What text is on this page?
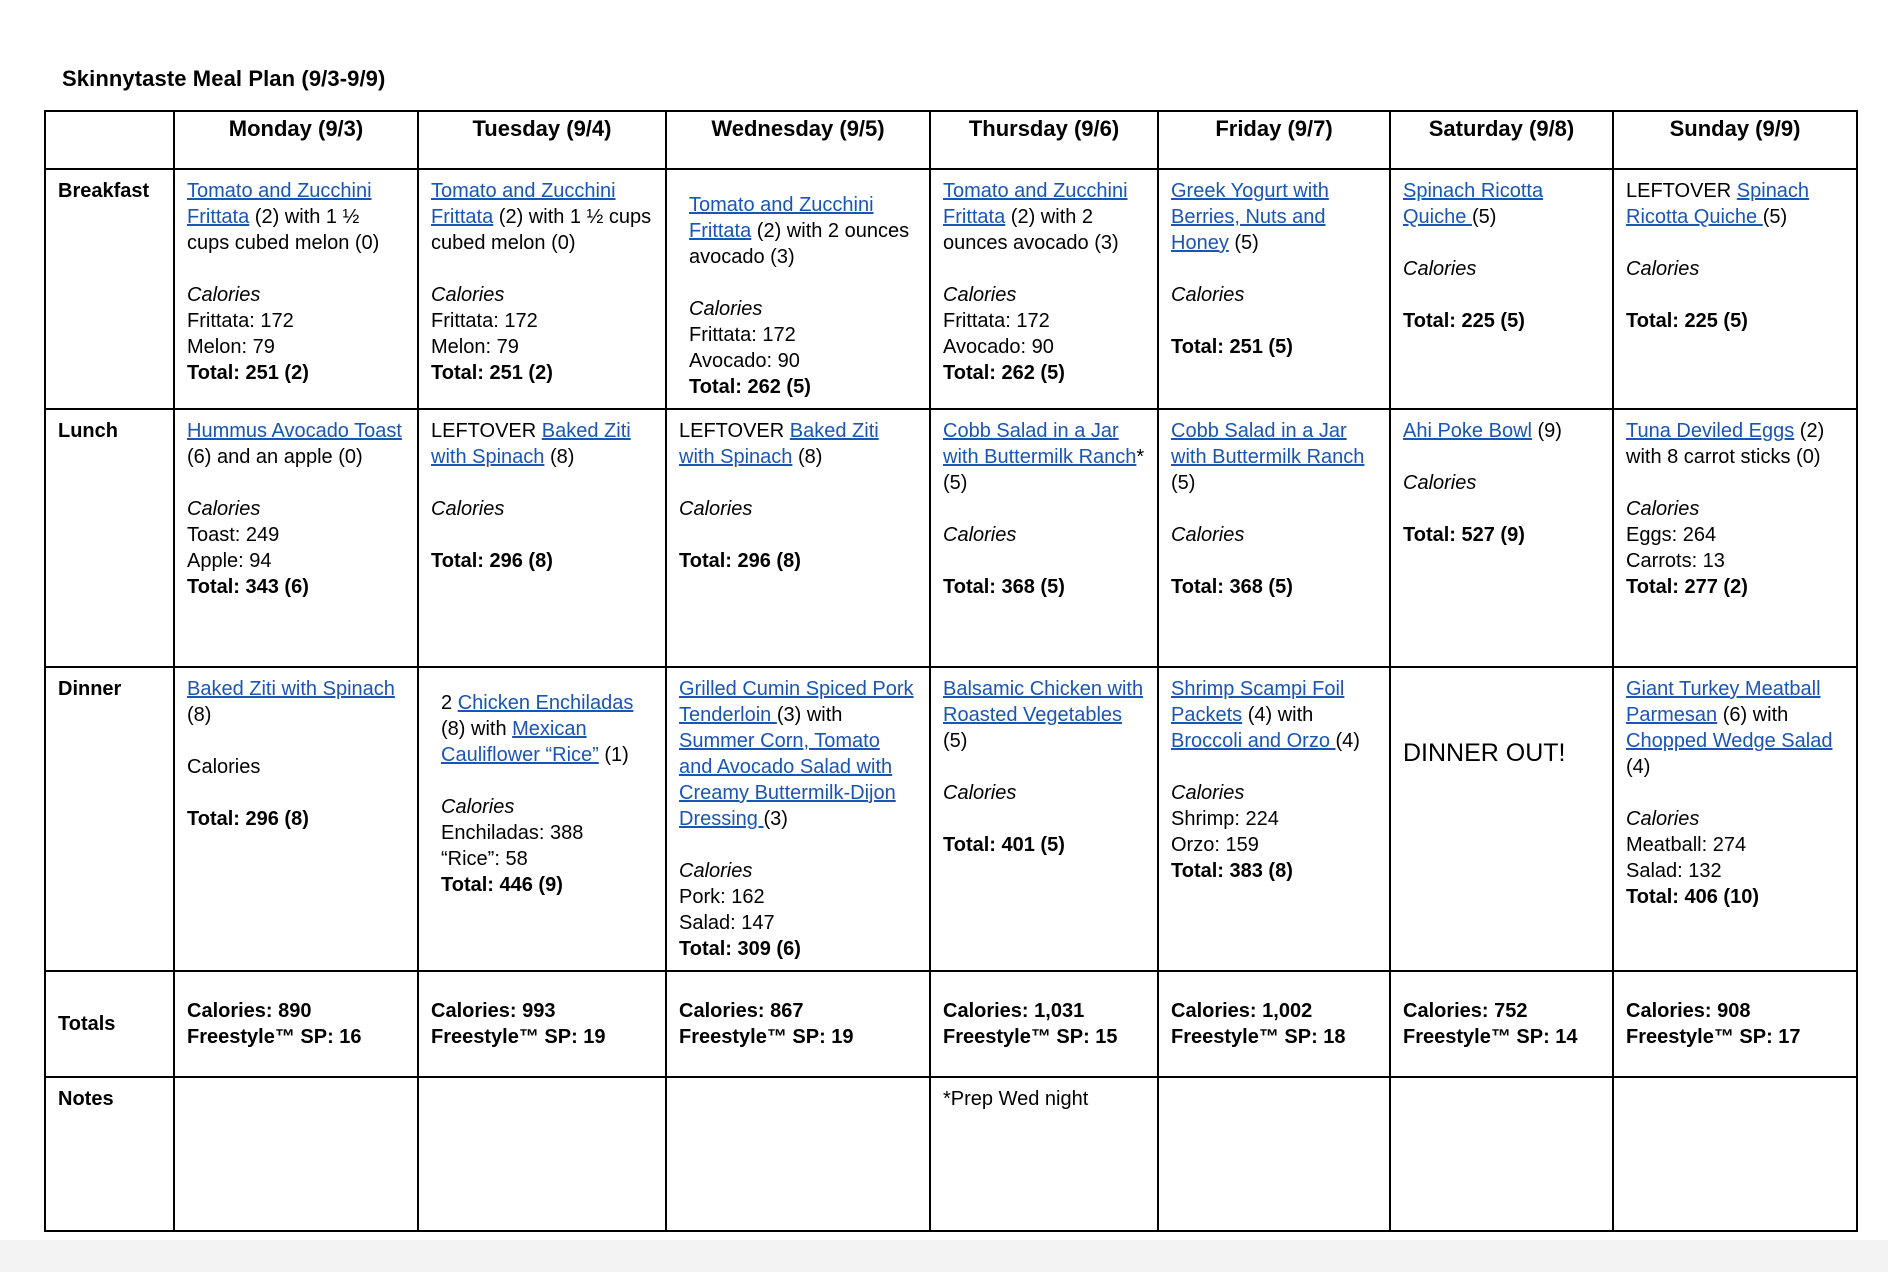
Skinnytaste Meal Plan (9/3-9/9)
	Monday (9/3)	Tuesday (9/4)	Wednesday (9/5)	Thursday (9/6)	Friday (9/7)	Saturday (9/8)	Sunday (9/9)
Breakfast	Tomato and Zucchini Frittata (2) with 1 ½ cups cubed melon (0)
Calories
Frittata: 172
Melon: 79
Total: 251 (2)	Tomato and Zucchini Frittata (2) with 1 ½ cups cubed melon (0)
Calories
Frittata: 172
Melon: 79
Total: 251 (2)	Tomato and Zucchini Frittata (2) with 2 ounces avocado (3)
Calories
Frittata: 172
Avocado: 90
Total: 262 (5)	Tomato and Zucchini Frittata (2) with 2 ounces avocado (3)
Calories
Frittata: 172
Avocado: 90
Total: 262 (5)	Greek Yogurt with Berries, Nuts and Honey (5)
Calories
Total: 251 (5)	Spinach Ricotta Quiche (5)
Calories
Total: 225 (5)	LEFTOVER Spinach Ricotta Quiche (5)
Calories
Total: 225 (5)

Lunch	Hummus Avocado Toast (6) and an apple (0)
Calories
Toast: 249
Apple: 94
Total: 343 (6)	LEFTOVER Baked Ziti with Spinach (8)
Calories
Total: 296 (8)	LEFTOVER Baked Ziti with Spinach (8)
Calories
Total: 296 (8)	Cobb Salad in a Jar with Buttermilk Ranch* (5)
Calories
Total: 368 (5)	Cobb Salad in a Jar with Buttermilk Ranch (5)
Calories
Total: 368 (5)	Ahi Poke Bowl (9)
Calories
Total: 527 (9)	Tuna Deviled Eggs (2) with 8 carrot sticks (0)
Calories
Eggs: 264
Carrots: 13
Total: 277 (2)

Dinner	Baked Ziti with Spinach (8)
Calories
Total: 296 (8)	2 Chicken Enchiladas (8) with Mexican Cauliflower “Rice” (1)
Calories
Enchiladas: 388
“Rice”: 58
Total: 446 (9)	Grilled Cumin Spiced Pork Tenderloin (3) with Summer Corn, Tomato and Avocado Salad with Creamy Buttermilk-Dijon Dressing (3)
Calories
Pork: 162
Salad: 147
Total: 309 (6)	Balsamic Chicken with Roasted Vegetables (5)
Calories
Total: 401 (5)	Shrimp Scampi Foil Packets (4) with Broccoli and Orzo (4)
Calories
Shrimp: 224
Orzo: 159
Total: 383 (8)	DINNER OUT!	Giant Turkey Meatball Parmesan (6) with Chopped Wedge Salad (4)
Calories
Meatball: 274
Salad: 132
Total: 406 (10)

Totals	Calories: 890
Freestyle™ SP: 16	Calories: 993
Freestyle™ SP: 19	Calories: 867
Freestyle™ SP: 19	Calories: 1,031
Freestyle™ SP: 15	Calories: 1,002
Freestyle™ SP: 18	Calories: 752
Freestyle™ SP: 14	Calories: 908
Freestyle™ SP: 17

Notes				*Prep Wed night			
